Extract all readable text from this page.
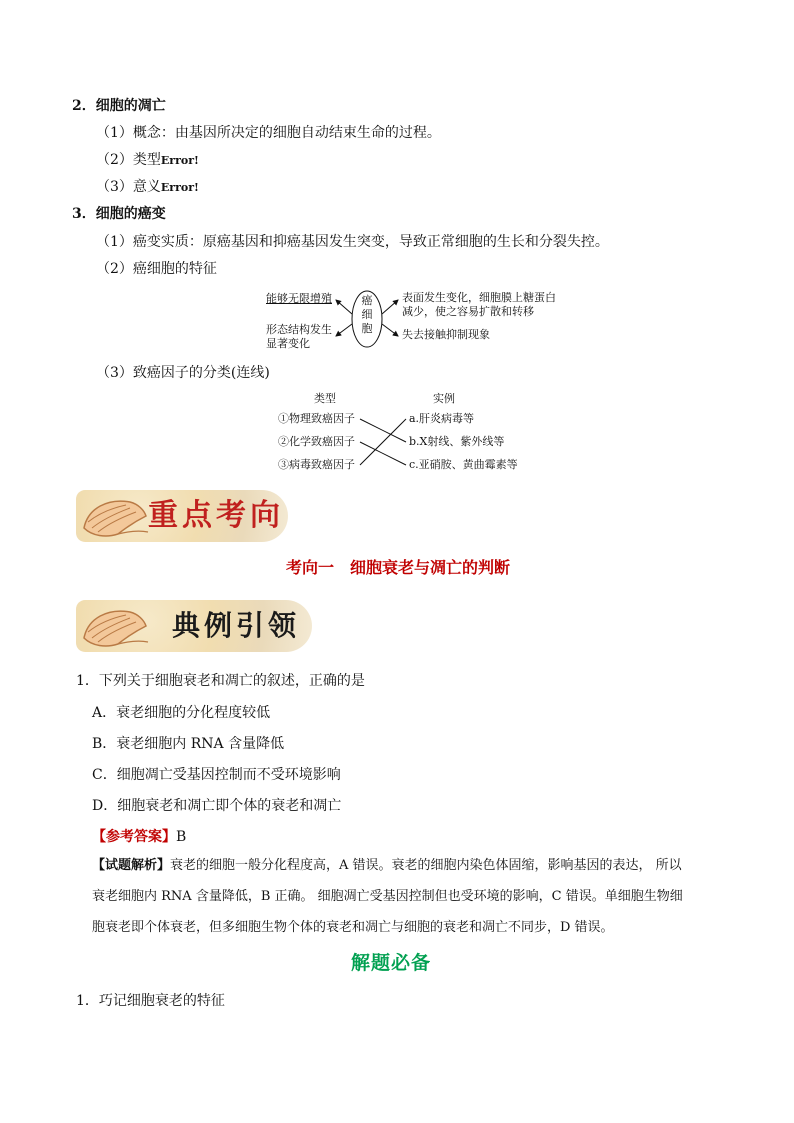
2．细胞的凋亡
（1）概念：由基因所决定的细胞自动结束生命的过程。
（2）类型Error!
（3）意义Error!
3．细胞的癌变
（1）癌变实质：原癌基因和抑癌基因发生突变，导致正常细胞的生长和分裂失控。
（2）癌细胞的特征
癌
细
胞
能够无限增殖
形态结构发生
显著变化
表面发生变化，细胞膜上糖蛋白
减少，使之容易扩散和转移
失去接触抑制现象
（3）致癌因子的分类(连线)
类型	实例
①物理致癌因子
②化学致癌因子
③病毒致癌因子
a.肝炎病毒等
b.X射线、紫外线等
c.亚硝胺、黄曲霉素等
重点考向
考向一　细胞衰老与凋亡的判断
典例引领
1．下列关于细胞衰老和凋亡的叙述，正确的是
A．衰老细胞的分化程度较低
B．衰老细胞内 RNA 含量降低
C．细胞凋亡受基因控制而不受环境影响
D．细胞衰老和凋亡即个体的衰老和凋亡
【参考答案】B
【试题解析】衰老的细胞一般分化程度高，A 错误。衰老的细胞内染色体固缩，影响基因的表达， 所以
衰老细胞内 RNA 含量降低，B 正确。 细胞凋亡受基因控制但也受环境的影响，C 错误。单细胞生物细
胞衰老即个体衰老，但多细胞生物个体的衰老和凋亡与细胞的衰老和凋亡不同步，D 错误。
解题必备
1．巧记细胞衰老的特征
